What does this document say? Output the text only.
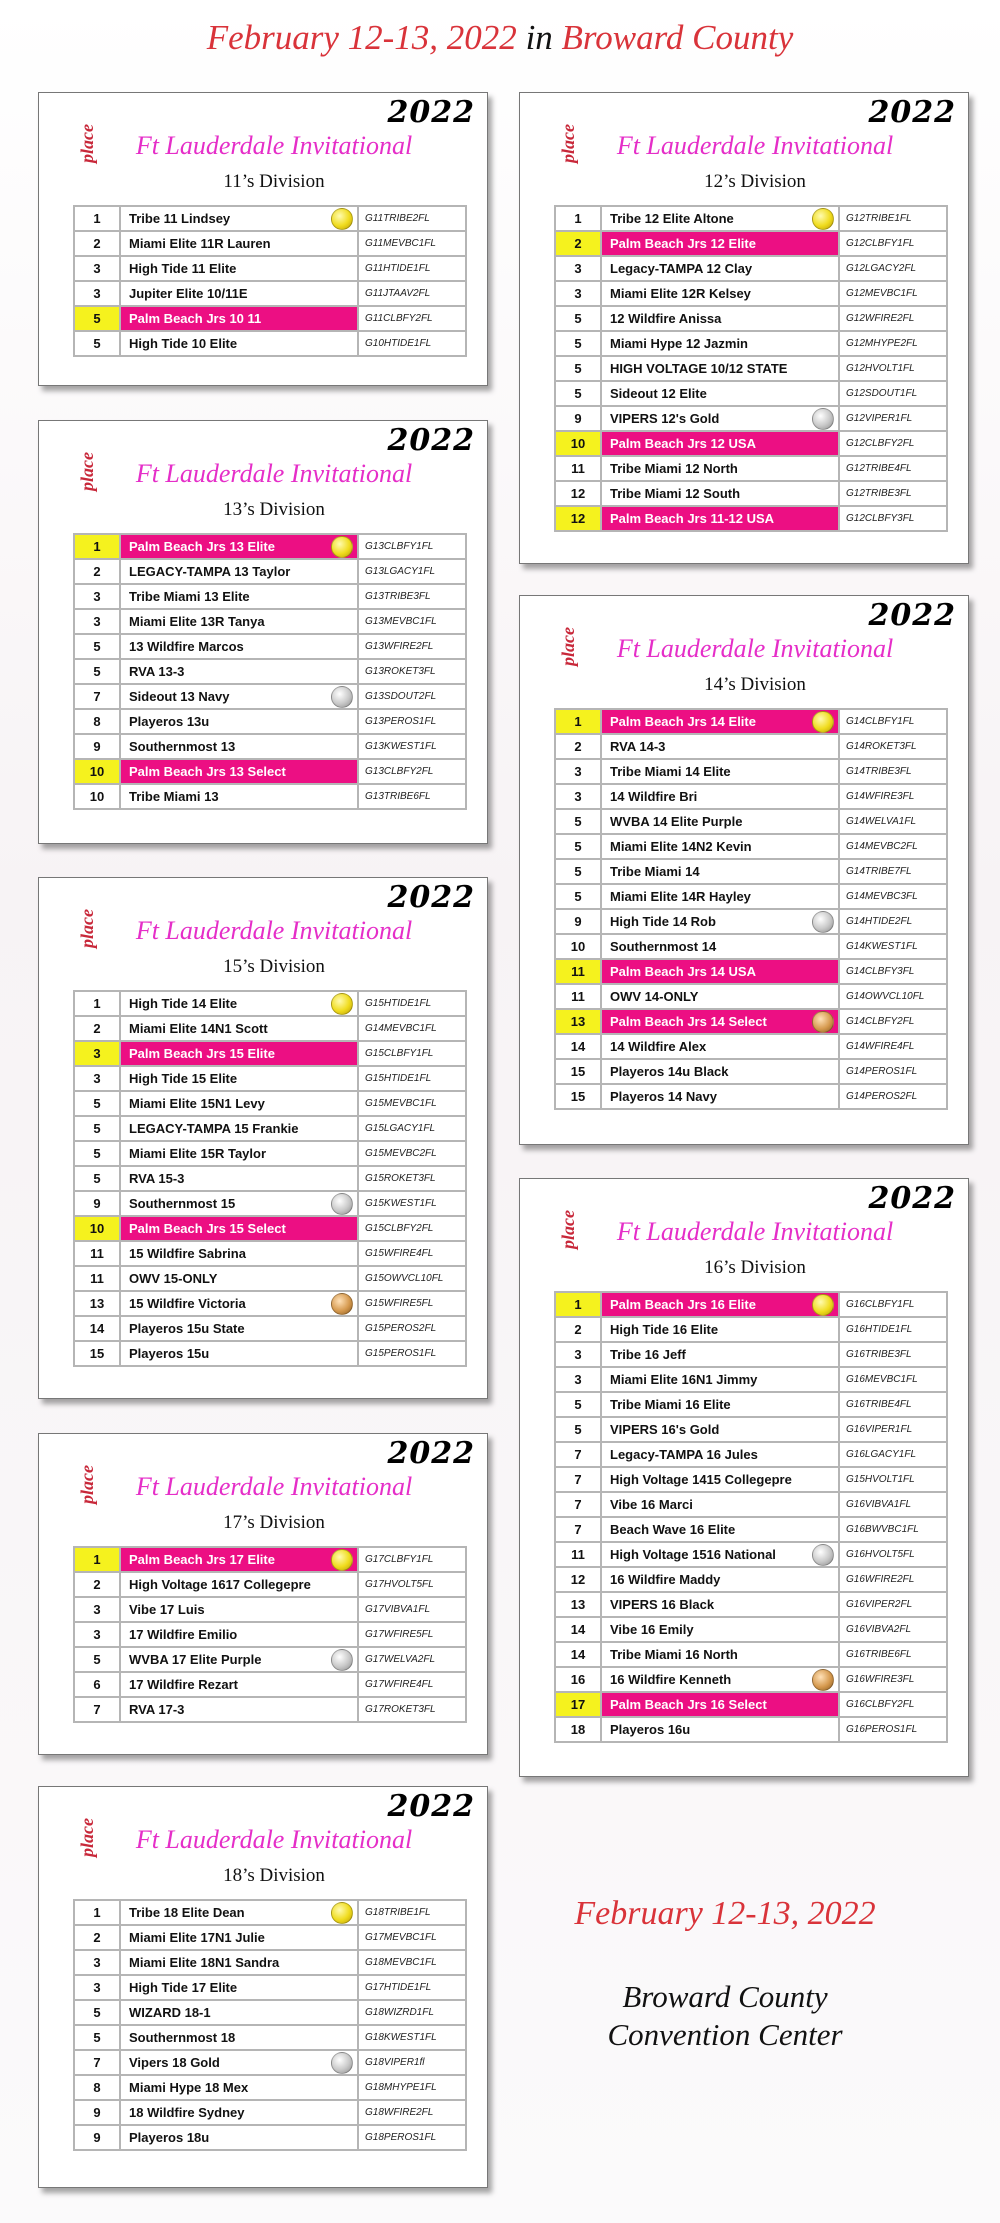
February 12-13, 2022 in Broward County
2022
place Ft Lauderdale Invitational
11’s Division
1	Tribe 11 Lindsey	G11TRIBE2FL
2	Miami Elite 11R Lauren	G11MEVBC1FL
3	High Tide 11 Elite	G11HTIDE1FL
3	Jupiter Elite 10/11E	G11JTAAV2FL
5	Palm Beach Jrs 10 11	G11CLBFY2FL
5	High Tide 10 Elite	G10HTIDE1FL
2022
place Ft Lauderdale Invitational
13’s Division
1	Palm Beach Jrs 13 Elite	G13CLBFY1FL
2	LEGACY-TAMPA 13 Taylor	G13LGACY1FL
3	Tribe Miami 13 Elite	G13TRIBE3FL
3	Miami Elite 13R Tanya	G13MEVBC1FL
5	13 Wildfire Marcos	G13WFIRE2FL
5	RVA 13-3	G13ROKET3FL
7	Sideout 13 Navy	G13SDOUT2FL
8	Playeros 13u	G13PEROS1FL
9	Southernmost 13	G13KWEST1FL
10	Palm Beach Jrs 13 Select	G13CLBFY2FL
10	Tribe Miami 13	G13TRIBE6FL
2022
place Ft Lauderdale Invitational
15’s Division
1	High Tide 14 Elite	G15HTIDE1FL
2	Miami Elite 14N1 Scott	G14MEVBC1FL
3	Palm Beach Jrs 15 Elite	G15CLBFY1FL
3	High Tide 15 Elite	G15HTIDE1FL
5	Miami Elite 15N1 Levy	G15MEVBC1FL
5	LEGACY-TAMPA 15 Frankie	G15LGACY1FL
5	Miami Elite 15R Taylor	G15MEVBC2FL
5	RVA 15-3	G15ROKET3FL
9	Southernmost 15	G15KWEST1FL
10	Palm Beach Jrs 15 Select	G15CLBFY2FL
11	15 Wildfire Sabrina	G15WFIRE4FL
11	OWV 15-ONLY	G15OWVCL10FL
13	15 Wildfire Victoria	G15WFIRE5FL
14	Playeros 15u State	G15PEROS2FL
15	Playeros 15u	G15PEROS1FL
2022
place Ft Lauderdale Invitational
17’s Division
1	Palm Beach Jrs 17 Elite	G17CLBFY1FL
2	High Voltage 1617 Collegepre	G17HVOLT5FL
3	Vibe 17 Luis	G17VIBVA1FL
3	17 Wildfire Emilio	G17WFIRE5FL
5	WVBA 17 Elite Purple	G17WELVA2FL
6	17 Wildfire Rezart	G17WFIRE4FL
7	RVA 17-3	G17ROKET3FL
2022
place Ft Lauderdale Invitational
18’s Division
1	Tribe 18 Elite Dean	G18TRIBE1FL
2	Miami Elite 17N1 Julie	G17MEVBC1FL
3	Miami Elite 18N1 Sandra	G18MEVBC1FL
3	High Tide 17 Elite	G17HTIDE1FL
5	WIZARD 18-1	G18WIZRD1FL
5	Southernmost 18	G18KWEST1FL
7	Vipers 18 Gold	G18VIPER1fl
8	Miami Hype 18 Mex	G18MHYPE1FL
9	18 Wildfire Sydney	G18WFIRE2FL
9	Playeros 18u	G18PEROS1FL
2022
place Ft Lauderdale Invitational
12’s Division
1	Tribe 12 Elite Altone	G12TRIBE1FL
2	Palm Beach Jrs 12 Elite	G12CLBFY1FL
3	Legacy-TAMPA 12 Clay	G12LGACY2FL
3	Miami Elite 12R Kelsey	G12MEVBC1FL
5	12 Wildfire Anissa	G12WFIRE2FL
5	Miami Hype 12 Jazmin	G12MHYPE2FL
5	HIGH VOLTAGE 10/12 STATE	G12HVOLT1FL
5	Sideout 12 Elite	G12SDOUT1FL
9	VIPERS 12's Gold	G12VIPER1FL
10	Palm Beach Jrs 12 USA	G12CLBFY2FL
11	Tribe Miami 12 North	G12TRIBE4FL
12	Tribe Miami 12 South	G12TRIBE3FL
12	Palm Beach Jrs 11-12 USA	G12CLBFY3FL
2022
place Ft Lauderdale Invitational
14’s Division
1	Palm Beach Jrs 14 Elite	G14CLBFY1FL
2	RVA 14-3	G14ROKET3FL
3	Tribe Miami 14 Elite	G14TRIBE3FL
3	14 Wildfire Bri	G14WFIRE3FL
5	WVBA 14 Elite Purple	G14WELVA1FL
5	Miami Elite 14N2 Kevin	G14MEVBC2FL
5	Tribe Miami 14	G14TRIBE7FL
5	Miami Elite 14R Hayley	G14MEVBC3FL
9	High Tide 14 Rob	G14HTIDE2FL
10	Southernmost 14	G14KWEST1FL
11	Palm Beach Jrs 14 USA	G14CLBFY3FL
11	OWV 14-ONLY	G14OWVCL10FL
13	Palm Beach Jrs 14 Select	G14CLBFY2FL
14	14 Wildfire Alex	G14WFIRE4FL
15	Playeros 14u Black	G14PEROS1FL
15	Playeros 14 Navy	G14PEROS2FL
2022
place Ft Lauderdale Invitational
16’s Division
1	Palm Beach Jrs 16 Elite	G16CLBFY1FL
2	High Tide 16 Elite	G16HTIDE1FL
3	Tribe 16 Jeff	G16TRIBE3FL
3	Miami Elite 16N1 Jimmy	G16MEVBC1FL
5	Tribe Miami 16 Elite	G16TRIBE4FL
5	VIPERS 16's Gold	G16VIPER1FL
7	Legacy-TAMPA 16 Jules	G16LGACY1FL
7	High Voltage 1415 Collegepre	G15HVOLT1FL
7	Vibe 16 Marci	G16VIBVA1FL
7	Beach Wave 16 Elite	G16BWVBC1FL
11	High Voltage 1516 National	G16HVOLT5FL
12	16 Wildfire Maddy	G16WFIRE2FL
13	VIPERS 16 Black	G16VIPER2FL
14	Vibe 16 Emily	G16VIBVA2FL
14	Tribe Miami 16 North	G16TRIBE6FL
16	16 Wildfire Kenneth	G16WFIRE3FL
17	Palm Beach Jrs 16 Select	G16CLBFY2FL
18	Playeros 16u	G16PEROS1FL
February 12-13, 2022
Broward County
Convention Center
